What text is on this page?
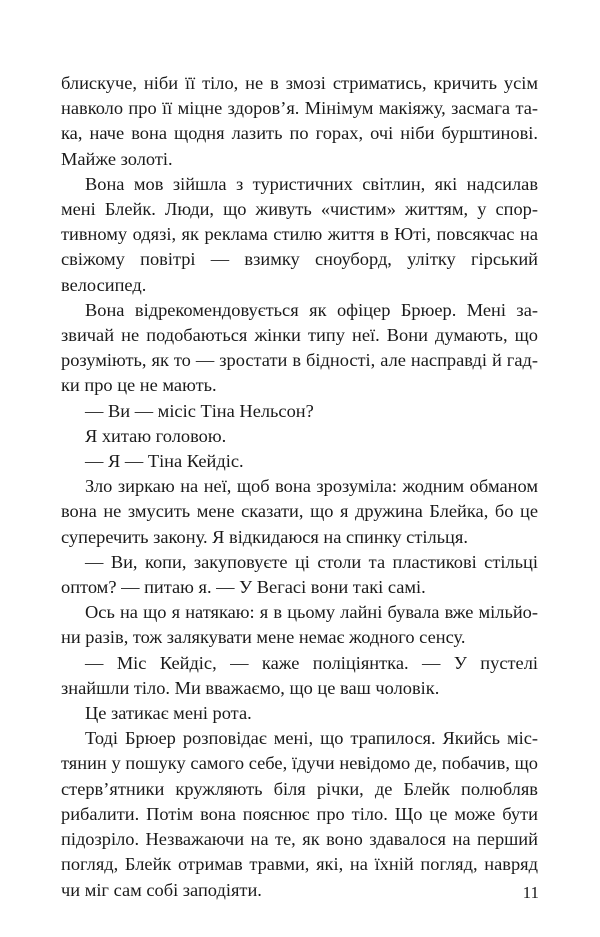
блискуче, ніби її тіло, не в змозі стриматись, кричить усім навколо про її міцне здоров’я. Мінімум макіяжу, засмага така, наче вона щодня лазить по горах, очі ніби бурштинові. Майже золоті.

Вона мов зійшла з туристичних світлин, які надсилав мені Блейк. Люди, що живуть «чистим» життям, у спортивному одязі, як реклама стилю життя в Юті, повсякчас на свіжому повітрі — взимку сноуборд, улітку гірський велосипед.

Вона відрекомендовується як офіцер Брюер. Мені зазвичай не подобаються жінки типу неї. Вони думають, що розуміють, як то — зростати в бідності, але насправді й гадки про це не мають.

— Ви — місіс Тіна Нельсон?

Я хитаю головою.

— Я — Тіна Кейдіс.

Зло зиркаю на неї, щоб вона зрозуміла: жодним обманом вона не змусить мене сказати, що я дружина Блейка, бо це суперечить закону. Я відкидаюся на спинку стільця.

— Ви, копи, закуповуєте ці столи та пластикові стільці оптом? — питаю я. — У Вегасі вони такі самі.

Ось на що я натякаю: я в цьому лайні бувала вже мільйони разів, тож залякувати мене немає жодного сенсу.

— Міс Кейдіс, — каже поліціянтка. — У пустелі знайшли тіло. Ми вважаємо, що це ваш чоловік.

Це затикає мені рота.

Тоді Брюер розповідає мені, що трапилося. Якийсь містянин у пошуку самого себе, їдучи невідомо де, побачив, що стерв’ятники кружляють біля річки, де Блейк полюбляв рибалити. Потім вона пояснює про тіло. Що це може бути підозріло. Незважаючи на те, як воно здавалося на перший погляд, Блейк отримав травми, які, на їхній погляд, навряд чи міг сам собі заподіяти.	11
